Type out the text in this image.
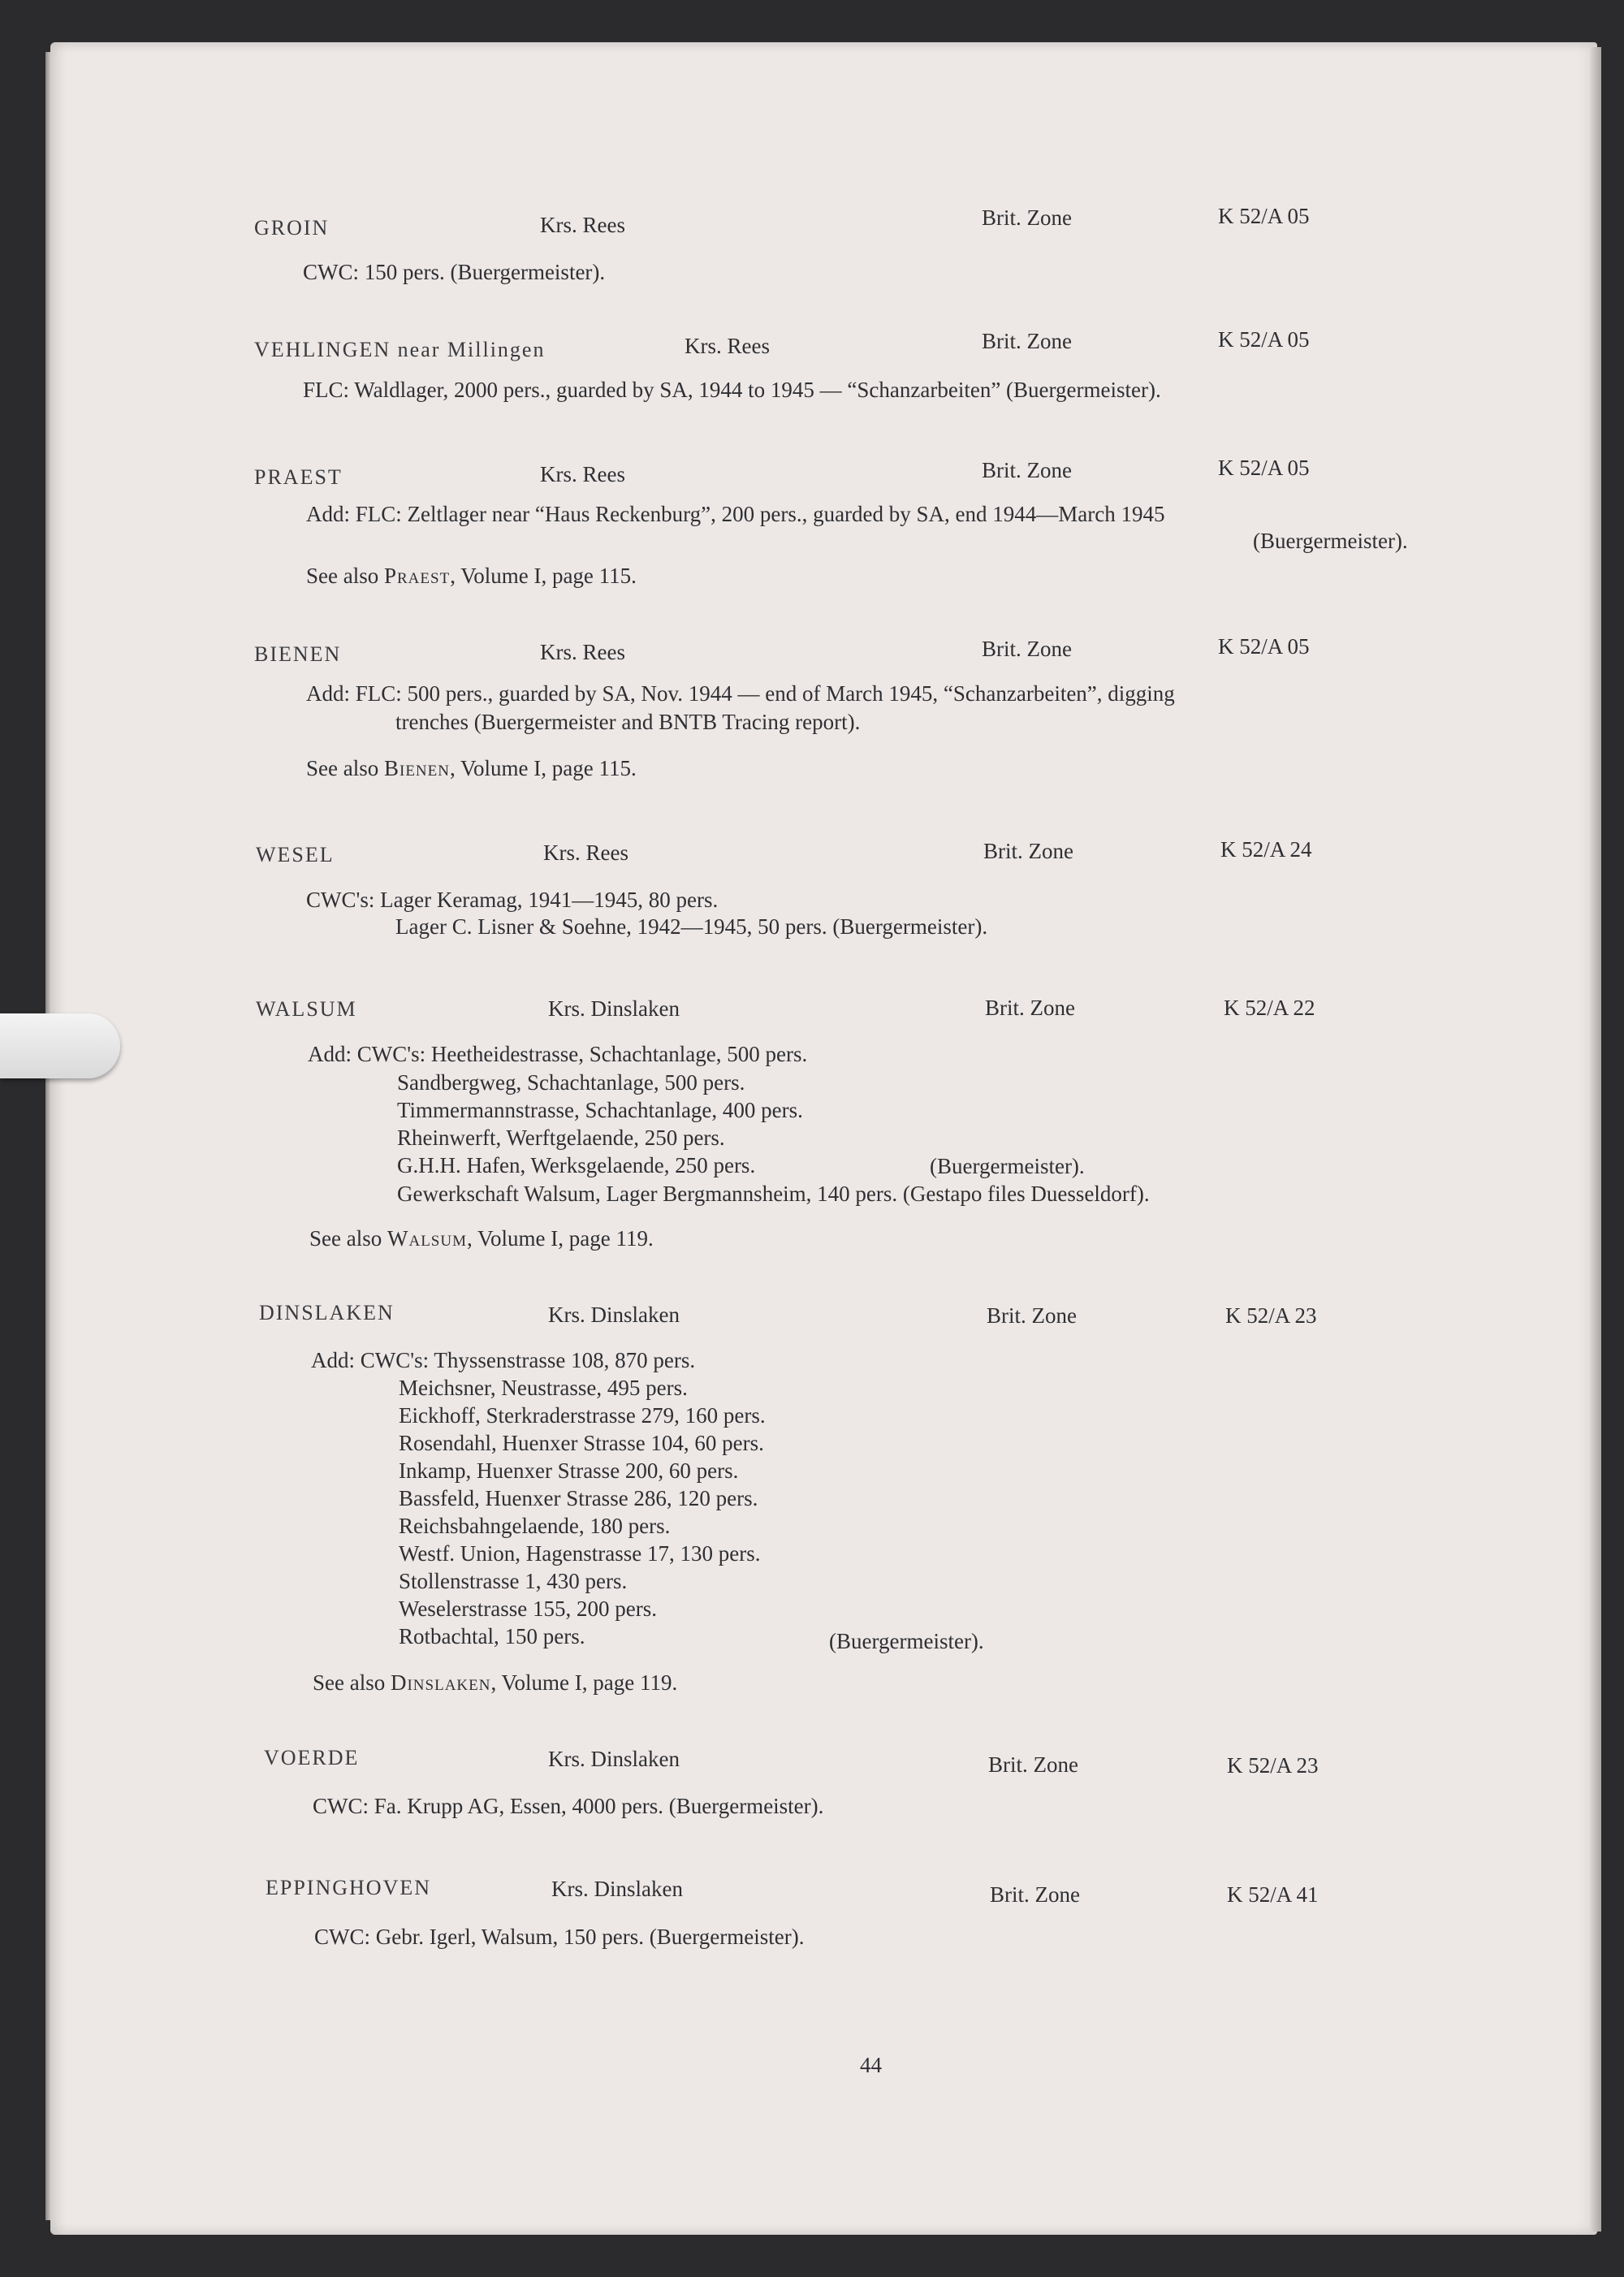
GROIN	Krs. Rees	Brit. Zone	K 52/A 05
CWC: 150 pers. (Buergermeister).
VEHLINGEN near Millingen	Krs. Rees	Brit. Zone	K 52/A 05
FLC: Waldlager, 2000 pers., guarded by SA, 1944 to 1945 — “Schanzarbeiten” (Buergermeister).
PRAEST	Krs. Rees	Brit. Zone	K 52/A 05
Add: FLC: Zeltlager near “Haus Reckenburg”, 200 pers., guarded by SA, end 1944—March 1945
(Buergermeister).
See also Praest, Volume I, page 115.
BIENEN	Krs. Rees	Brit. Zone	K 52/A 05
Add: FLC: 500 pers., guarded by SA, Nov. 1944 — end of March 1945, “Schanzarbeiten”, digging
trenches (Buergermeister and BNTB Tracing report).
See also Bienen, Volume I, page 115.
WESEL	Krs. Rees	Brit. Zone	K 52/A 24
CWC's: Lager Keramag, 1941—1945, 80 pers.
Lager C. Lisner & Soehne, 1942—1945, 50 pers. (Buergermeister).
WALSUM	Krs. Dinslaken	Brit. Zone	K 52/A 22
Add: CWC's: Heetheidestrasse, Schachtanlage, 500 pers.
Sandbergweg, Schachtanlage, 500 pers.
Timmermannstrasse, Schachtanlage, 400 pers.
Rheinwerft, Werftgelaende, 250 pers.
G.H.H. Hafen, Werksgelaende, 250 pers.	(Buergermeister).
Gewerkschaft Walsum, Lager Bergmannsheim, 140 pers. (Gestapo files Duesseldorf).
See also Walsum, Volume I, page 119.
DINSLAKEN	Krs. Dinslaken	Brit. Zone	K 52/A 23
Add: CWC's: Thyssenstrasse 108, 870 pers.
Meichsner, Neustrasse, 495 pers.
Eickhoff, Sterkraderstrasse 279, 160 pers.
Rosendahl, Huenxer Strasse 104, 60 pers.
Inkamp, Huenxer Strasse 200, 60 pers.
Bassfeld, Huenxer Strasse 286, 120 pers.
Reichsbahngelaende, 180 pers.
Westf. Union, Hagenstrasse 17, 130 pers.
Stollenstrasse 1, 430 pers.
Weselerstrasse 155, 200 pers.
Rotbachtal, 150 pers.	(Buergermeister).
See also Dinslaken, Volume I, page 119.
VOERDE	Krs. Dinslaken	Brit. Zone	K 52/A 23
CWC: Fa. Krupp AG, Essen, 4000 pers. (Buergermeister).
EPPINGHOVEN	Krs. Dinslaken	Brit. Zone	K 52/A 41
CWC: Gebr. Igerl, Walsum, 150 pers. (Buergermeister).
44
